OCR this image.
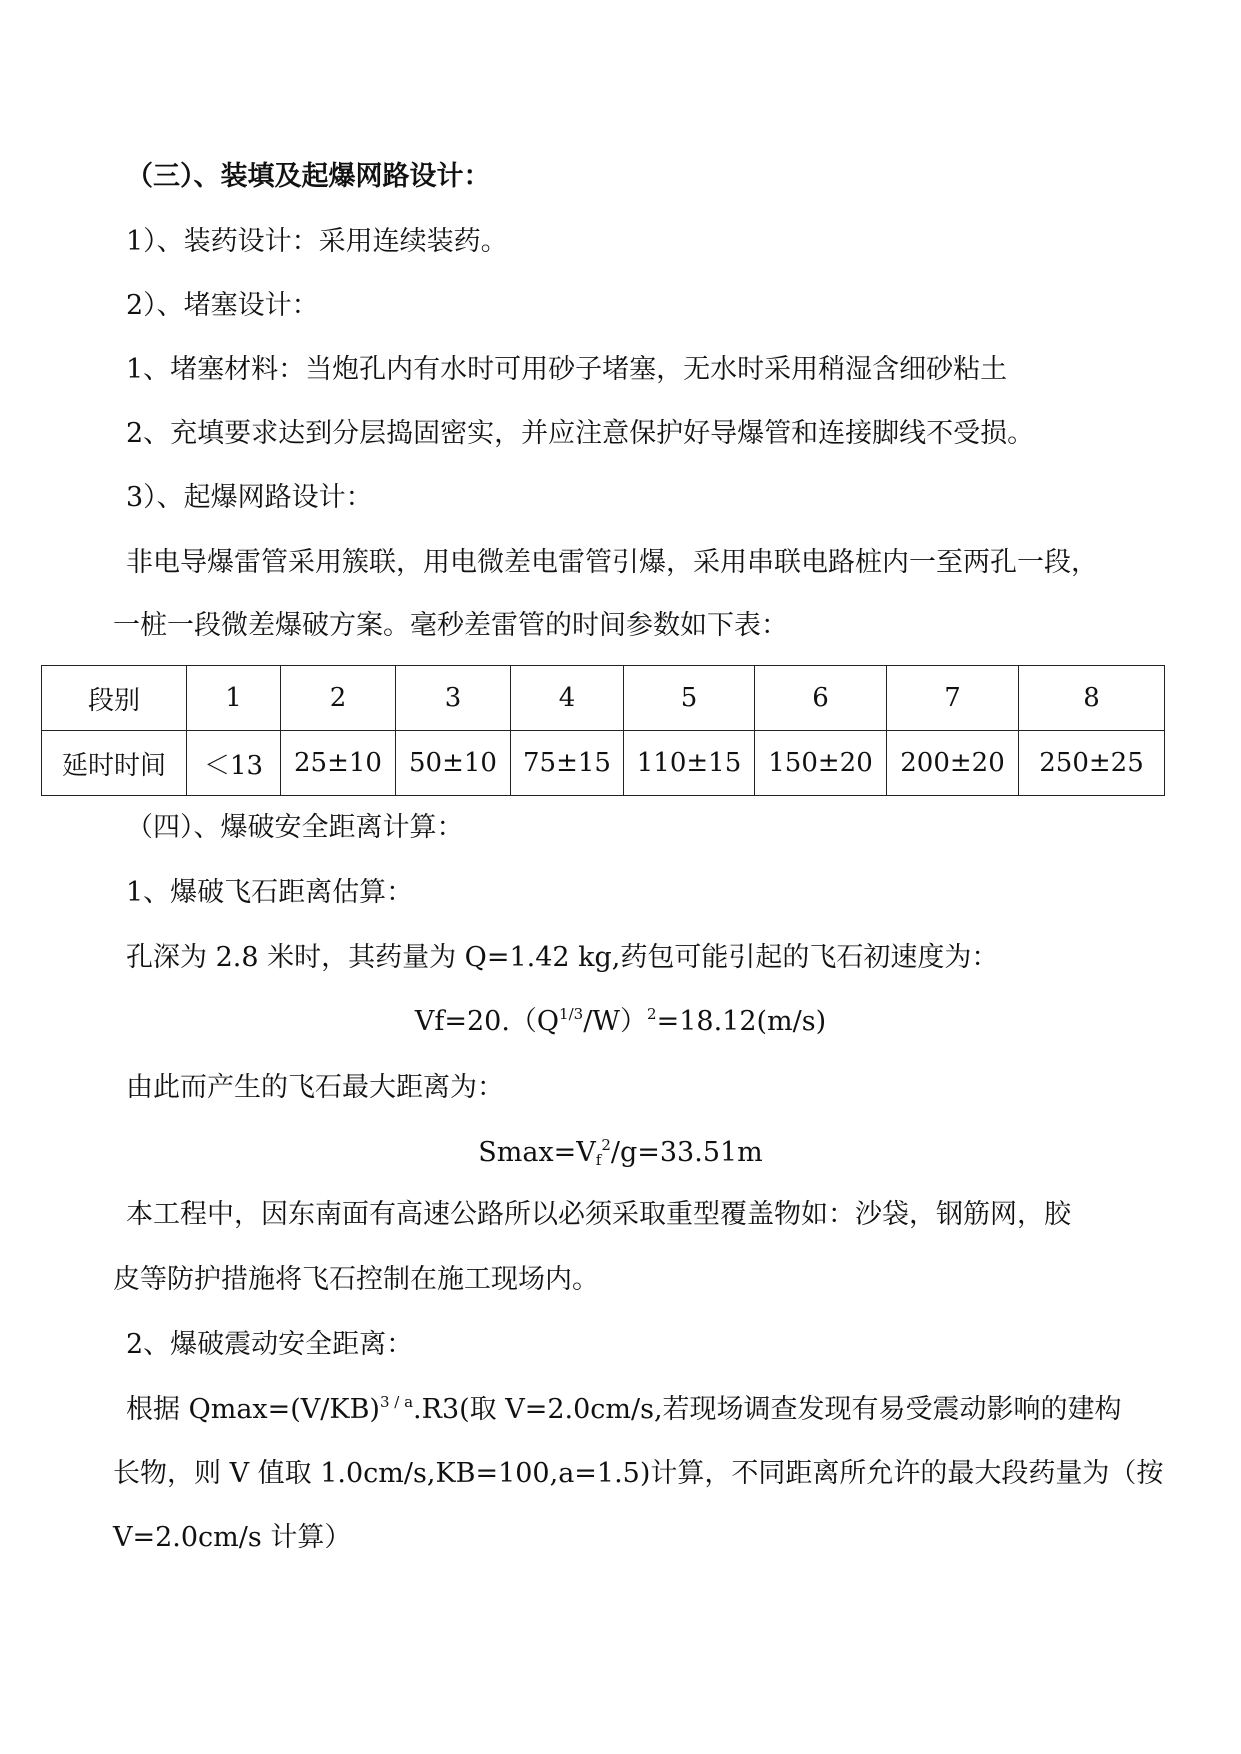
（三）、装填及起爆网路设计：
1）、装药设计：采用连续装药。
2）、堵塞设计：
1、堵塞材料：当炮孔内有水时可用砂子堵塞，无水时采用稍湿含细砂粘土
2、充填要求达到分层捣固密实，并应注意保护好导爆管和连接脚线不受损。
3）、起爆网路设计：
非电导爆雷管采用簇联，用电微差电雷管引爆，采用串联电路桩内一至两孔一段，
一桩一段微差爆破方案。毫秒差雷管的时间参数如下表：
段别	1	2	3	4	5	6	7	8
延时时间	＜13	25±10	50±10	75±15	110±15	150±20	200±20	250±25
（四）、爆破安全距离计算：
1、爆破飞石距离估算：
孔深为 2.8 米时，其药量为 Q=1.42 kg,药包可能引起的飞石初速度为：
$Vf=20.(Q^{1/3}/W)^2=18.12(m/s)$
由此而产生的飞石最大距离为：
$Smax=V_f^2/g=33.51m$
本工程中，因东南面有高速公路所以必须采取重型覆盖物如：沙袋，钢筋网，胶
皮等防护措施将飞石控制在施工现场内。
2、爆破震动安全距离：
根据 $Qmax=(V/KB)^{3 / a}.R3$(取 V=2.0cm/s,若现场调查发现有易受震动影响的建构
长物，则 V 值取 1.0cm/s,KB=100,a=1.5)计算，不同距离所允许的最大段药量为（按
V=2.0cm/s 计算）
